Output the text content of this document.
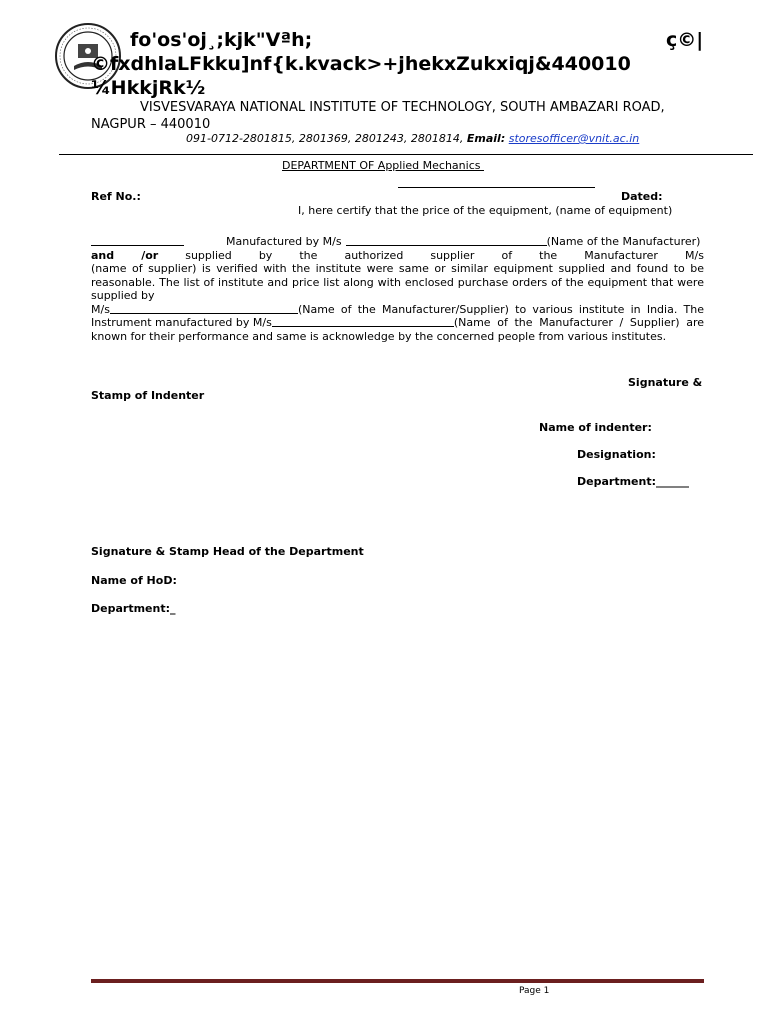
fo'os'oj¸;kjk"Vªh;	ç©|
©fxdhlaLFkku]nf{k.kvack>+jhekxZukxiqj&440010
¼HkkjRk½
VISVESVARAYA NATIONAL INSTITUTE OF TECHNOLOGY, SOUTH AMBAZARI ROAD,
NAGPUR – 440010
091-0712-2801815, 2801369, 2801243, 2801814, Email: storesofficer@vnit.ac.in
DEPARTMENT OF Applied Mechanics
Ref No.:	Dated:
I, here certify that the price of the equipment, (name of equipment)
Manufactured by M/s	(Name of the Manufacturer)
and /or supplied by the authorized supplier of the Manufacturer M/s
(name of supplier) is verified with the institute were same or similar equipment supplied and found to be reasonable. The list of institute and price list along with enclosed purchase orders of the equipment that were supplied by
M/s	(Name of the Manufacturer/Supplier) to various institute in India. The
Instrument manufactured by M/s	(Name of the Manufacturer / Supplier) are
known for their performance and same is acknowledge by the concerned people from various institutes.
Signature &
Stamp of Indenter
Name of indenter:
Designation:
Department:______
Signature & Stamp Head of the Department
Name of HoD:
Department:_
Page 1
